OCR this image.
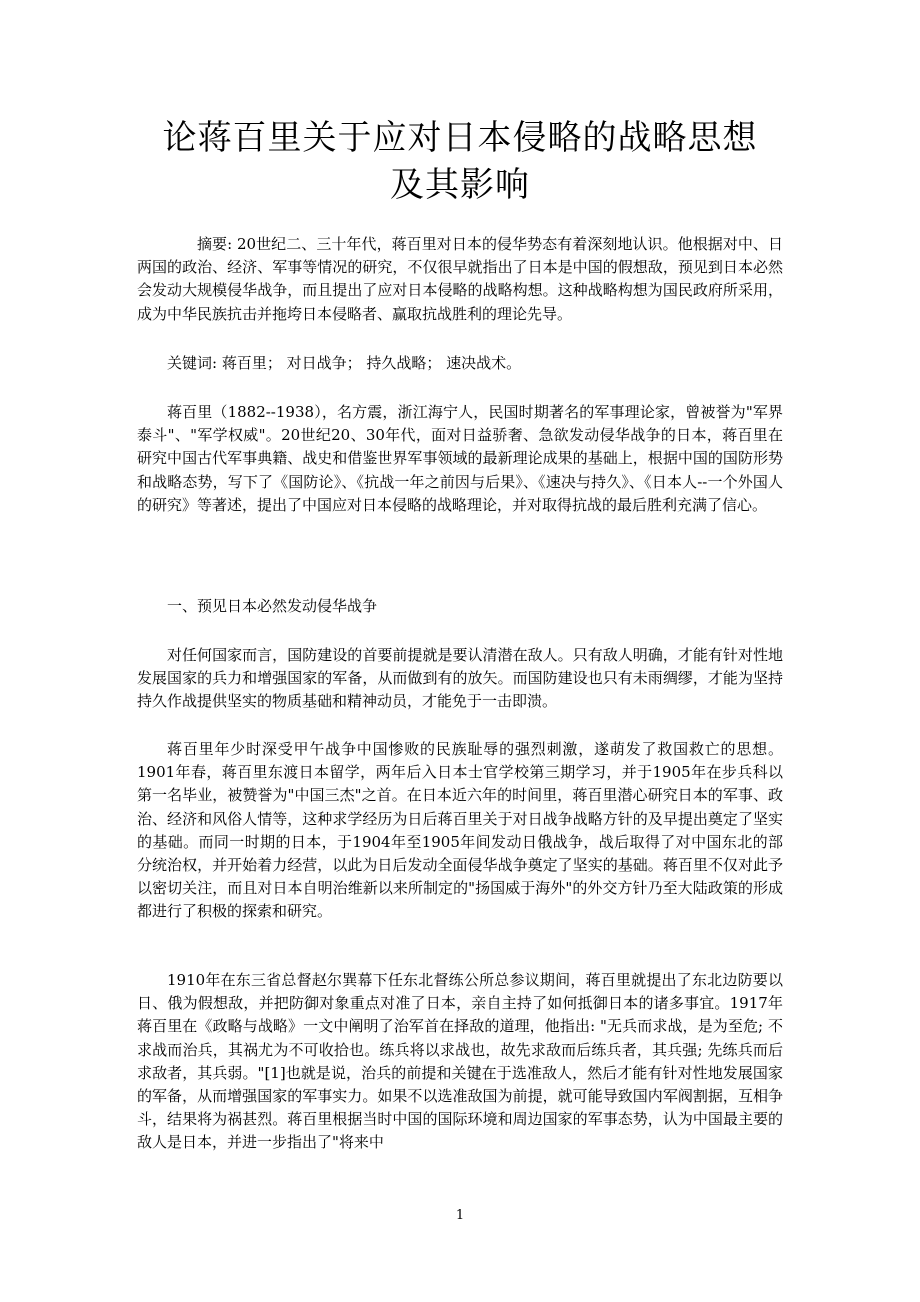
论蒋百里关于应对日本侵略的战略思想
及其影响

摘要: 20世纪二、三十年代，蒋百里对日本的侵华势态有着深刻地认识。他根据对中、日两国的政治、经济、军事等情况的研究，不仅很早就指出了日本是中国的假想敌，预见到日本必然会发动大规模侵华战争，而且提出了应对日本侵略的战略构想。这种战略构想为国民政府所采用，成为中华民族抗击并拖垮日本侵略者、赢取抗战胜利的理论先导。

关键词: 蒋百里； 对日战争； 持久战略； 速决战术。

蒋百里（1882--1938），名方震，浙江海宁人，民国时期著名的军事理论家，曾被誉为"军界泰斗"、"军学权威"。20世纪20、30年代，面对日益骄奢、急欲发动侵华战争的日本，蒋百里在研究中国古代军事典籍、战史和借鉴世界军事领域的最新理论成果的基础上，根据中国的国防形势和战略态势，写下了《国防论》、《抗战一年之前因与后果》、《速决与持久》、《日本人--一个外国人的研究》等著述，提出了中国应对日本侵略的战略理论，并对取得抗战的最后胜利充满了信心。

一、预见日本必然发动侵华战争

对任何国家而言，国防建设的首要前提就是要认清潜在敌人。只有敌人明确，才能有针对性地发展国家的兵力和增强国家的军备，从而做到有的放矢。而国防建设也只有未雨绸缪，才能为坚持持久作战提供坚实的物质基础和精神动员，才能免于一击即溃。

蒋百里年少时深受甲午战争中国惨败的民族耻辱的强烈刺激，遂萌发了救国救亡的思想。1901年春，蒋百里东渡日本留学，两年后入日本士官学校第三期学习，并于1905年在步兵科以第一名毕业，被赞誉为"中国三杰"之首。在日本近六年的时间里，蒋百里潜心研究日本的军事、政治、经济和风俗人情等，这种求学经历为日后蒋百里关于对日战争战略方针的及早提出奠定了坚实的基础。而同一时期的日本，于1904年至1905年间发动日俄战争，战后取得了对中国东北的部分统治权，并开始着力经营，以此为日后发动全面侵华战争奠定了坚实的基础。蒋百里不仅对此予以密切关注，而且对日本自明治维新以来所制定的"扬国威于海外"的外交方针乃至大陆政策的形成都进行了积极的探索和研究。

1910年在东三省总督赵尔巽幕下任东北督练公所总参议期间，蒋百里就提出了东北边防要以日、俄为假想敌，并把防御对象重点对准了日本，亲自主持了如何抵御日本的诸多事宜。1917年蒋百里在《政略与战略》一文中阐明了治军首在择敌的道理，他指出: "无兵而求战，是为至危; 不求战而治兵，其祸尤为不可收拾也。练兵将以求战也，故先求敌而后练兵者，其兵强; 先练兵而后求敌者，其兵弱。"[1]也就是说，治兵的前提和关键在于选准敌人，然后才能有针对性地发展国家的军备，从而增强国家的军事实力。如果不以选准敌国为前提，就可能导致国内军阀割据，互相争斗，结果将为祸甚烈。蒋百里根据当时中国的国际环境和周边国家的军事态势，认为中国最主要的敌人是日本，并进一步指出了"将来中

1
